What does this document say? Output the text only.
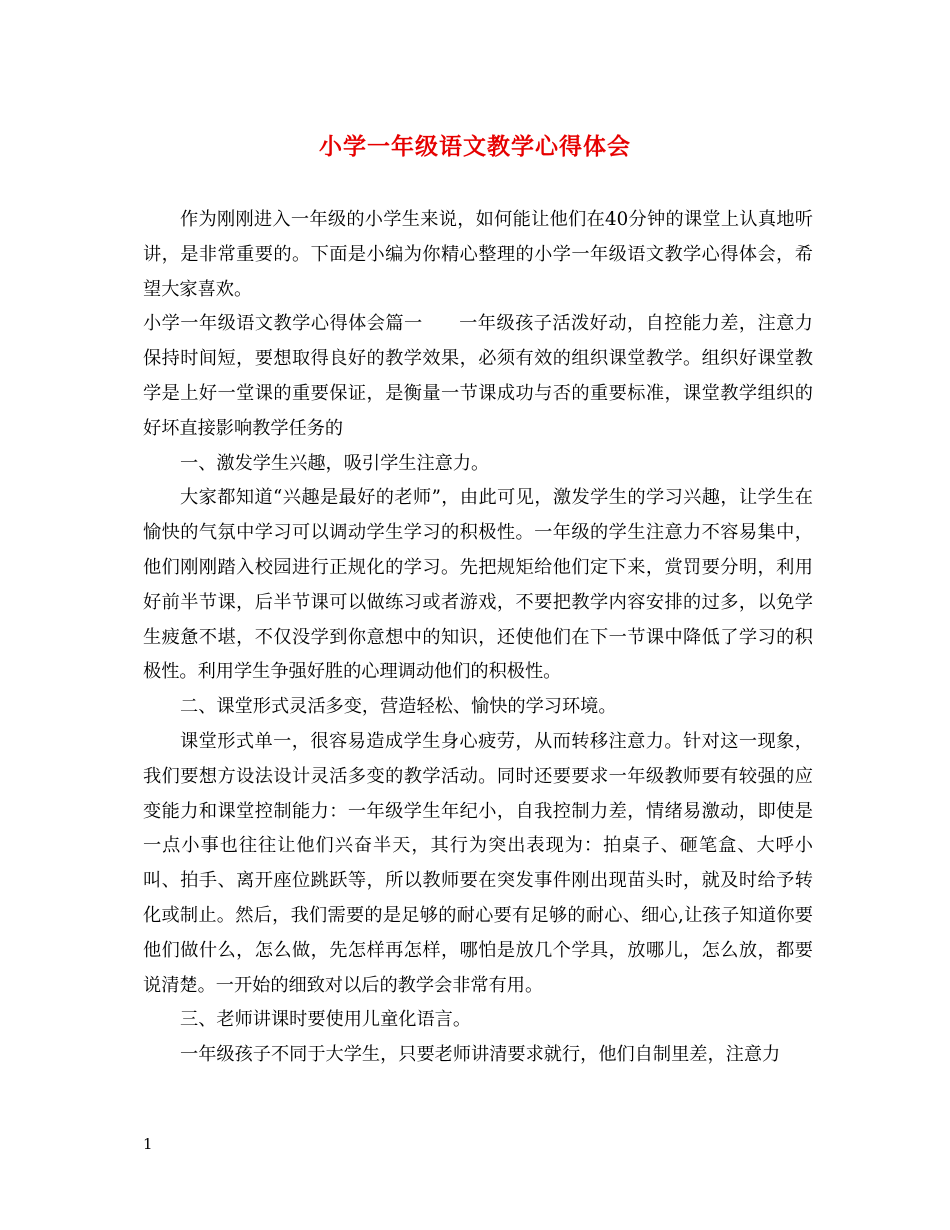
小学一年级语文教学心得体会

作为刚刚进入一年级的小学生来说，如何能让他们在40分钟的课堂上认真地听讲，是非常重要的。下面是小编为你精心整理的小学一年级语文教学心得体会，希望大家喜欢。

小学一年级语文教学心得体会篇一 一年级孩子活泼好动，自控能力差，注意力保持时间短，要想取得良好的教学效果，必须有效的组织课堂教学。组织好课堂教学是上好一堂课的重要保证，是衡量一节课成功与否的重要标准，课堂教学组织的好坏直接影响教学任务的

一、激发学生兴趣，吸引学生注意力。

大家都知道“兴趣是最好的老师”，由此可见，激发学生的学习兴趣，让学生在愉快的气氛中学习可以调动学生学习的积极性。一年级的学生注意力不容易集中，他们刚刚踏入校园进行正规化的学习。先把规矩给他们定下来，赏罚要分明，利用好前半节课，后半节课可以做练习或者游戏，不要把教学内容安排的过多，以免学生疲惫不堪，不仅没学到你意想中的知识，还使他们在下一节课中降低了学习的积极性。利用学生争强好胜的心理调动他们的积极性。

二、课堂形式灵活多变，营造轻松、愉快的学习环境。

课堂形式单一，很容易造成学生身心疲劳，从而转移注意力。针对这一现象，我们要想方设法设计灵活多变的教学活动。同时还要要求一年级教师要有较强的应变能力和课堂控制能力：一年级学生年纪小，自我控制力差，情绪易激动，即使是一点小事也往往让他们兴奋半天，其行为突出表现为：拍桌子、砸笔盒、大呼小叫、拍手、离开座位跳跃等，所以教师要在突发事件刚出现苗头时，就及时给予转化或制止。然后，我们需要的是足够的耐心要有足够的耐心、细心,让孩子知道你要他们做什么，怎么做，先怎样再怎样，哪怕是放几个学具，放哪儿，怎么放，都要说清楚。一开始的细致对以后的教学会非常有用。

三、老师讲课时要使用儿童化语言。

一年级孩子不同于大学生，只要老师讲清要求就行，他们自制里差，注意力

1
